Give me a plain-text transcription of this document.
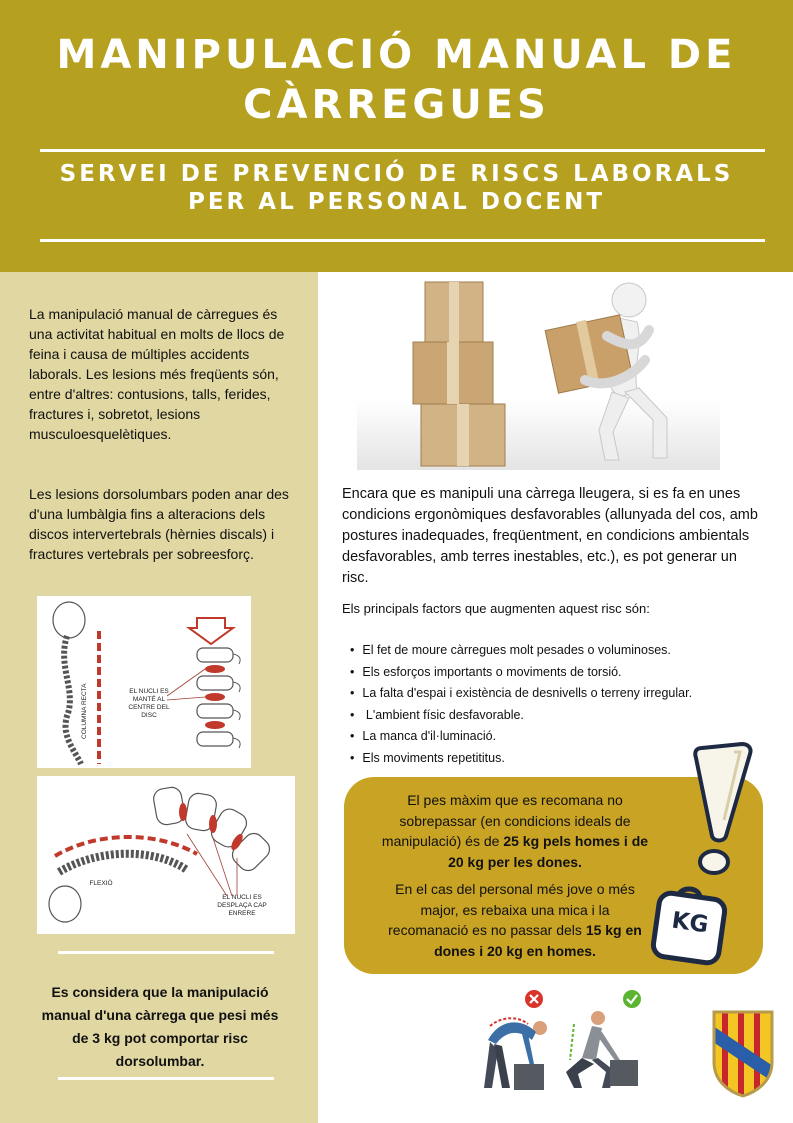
MANIPULACIÓ MANUAL DE
CÀRREGUES
SERVEI DE PREVENCIÓ DE RISCS LABORALS
PER AL PERSONAL DOCENT
La manipulació manual de càrregues és una activitat habitual en molts de llocs de feina i causa de múltiples accidents laborals. Les lesions més freqüents són, entre d'altres: contusions, talls, ferides, fractures i, sobretot, lesions musculoesquelètiques.
Les lesions dorsolumbars poden anar des d'una lumbàlgia fins a alteracions dels discos intervertebrals (hèrnies discals) i fractures vertebrals per sobreesforç.
COLUMNA RECTA	EL NUCLI ES MANTÉ AL CENTRE DEL DISC
FLEXIÓ
EL NUCLI ES DESPLAÇA CAP ENRERE
Es considera que la manipulació manual d'una càrrega que pesi més de 3 kg pot comportar risc dorsolumbar.
Encara que es manipuli una càrrega lleugera, si es fa en unes condicions ergonòmiques desfavorables (allunyada del cos, amb postures inadequades, freqüentment, en condicions ambientals desfavorables, amb terres inestables, etc.), es pot generar un risc.
Els principals factors que augmenten aquest risc són:
• El fet de moure càrregues molt pesades o voluminoses.
• Els esforços importants o moviments de torsió.
• La falta d'espai i existència de desnivells o terreny irregular.
• L'ambient físic desfavorable.
• La manca d'il·luminació.
• Els moviments repetititus.
El pes màxim que es recomana no sobrepassar (en condicions ideals de manipulació) és de 25 kg pels homes i de 20 kg per les dones.
En el cas del personal més jove o més major, es rebaixa una mica i la recomanació es no passar dels 15 kg en dones i 20 kg en homes.
KG
